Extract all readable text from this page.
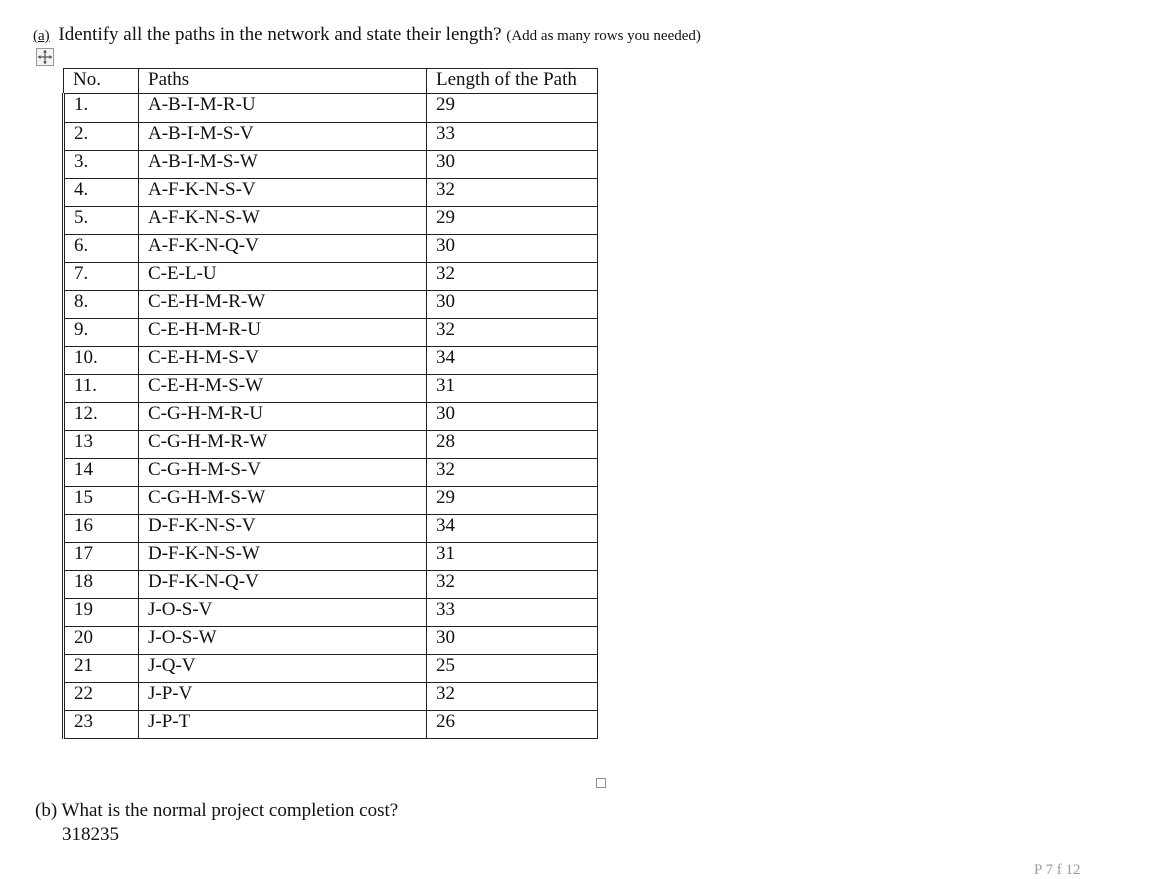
(a) Identify all the paths in the network and state their length? (Add as many rows you needed)
No.	Paths	Length of the Path
1.	A-B-I-M-R-U	29
2.	A-B-I-M-S-V	33
3.	A-B-I-M-S-W	30
4.	A-F-K-N-S-V	32
5.	A-F-K-N-S-W	29
6.	A-F-K-N-Q-V	30
7.	C-E-L-U	32
8.	C-E-H-M-R-W	30
9.	C-E-H-M-R-U	32
10.	C-E-H-M-S-V	34
11.	C-E-H-M-S-W	31
12.	C-G-H-M-R-U	30
13	C-G-H-M-R-W	28
14	C-G-H-M-S-V	32
15	C-G-H-M-S-W	29
16	D-F-K-N-S-V	34
17	D-F-K-N-S-W	31
18	D-F-K-N-Q-V	32
19	J-O-S-V	33
20	J-O-S-W	30
21	J-Q-V	25
22	J-P-V	32
23	J-P-T	26
(b) What is the normal project completion cost?
318235
P 7 f 12
